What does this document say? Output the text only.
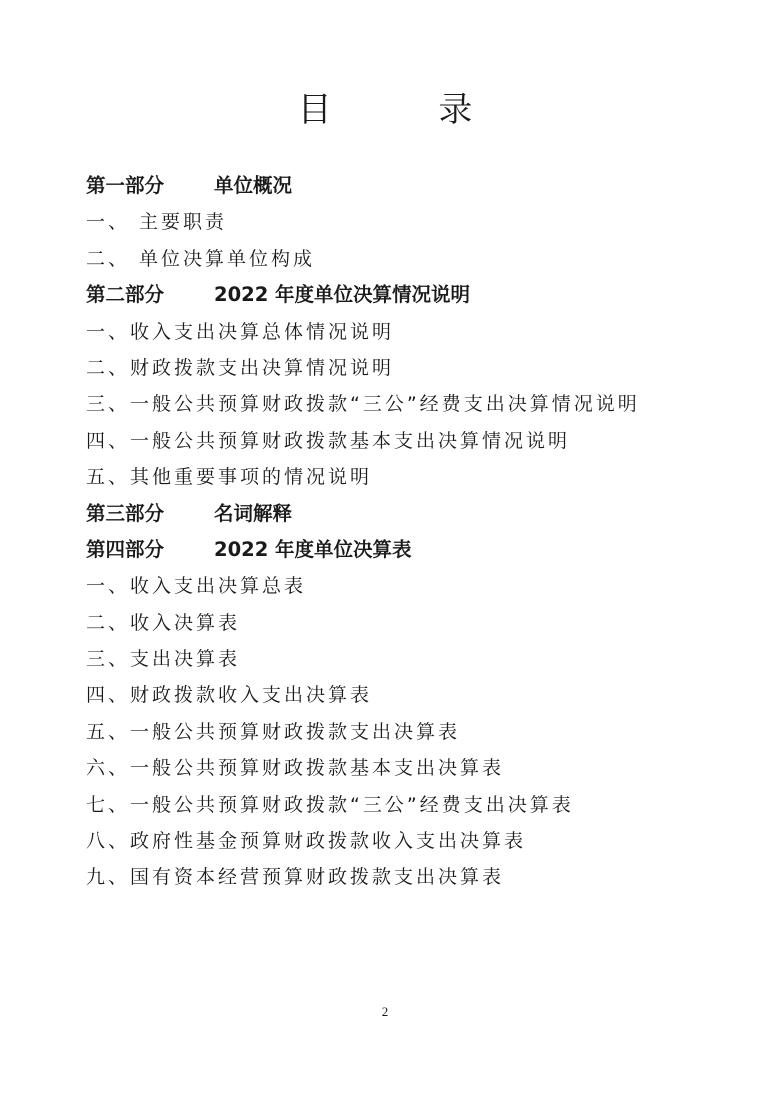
目 录
第一部分	单位概况
一、 主要职责
二、 单位决算单位构成
第二部分	2022 年度单位决算情况说明
一、收入支出决算总体情况说明
二、财政拨款支出决算情况说明
三、一般公共预算财政拨款“三公”经费支出决算情况说明
四、一般公共预算财政拨款基本支出决算情况说明
五、其他重要事项的情况说明
第三部分	名词解释
第四部分	2022 年度单位决算表
一、收入支出决算总表
二、收入决算表
三、支出决算表
四、财政拨款收入支出决算表
五、一般公共预算财政拨款支出决算表
六、一般公共预算财政拨款基本支出决算表
七、一般公共预算财政拨款“三公”经费支出决算表
八、政府性基金预算财政拨款收入支出决算表
九、国有资本经营预算财政拨款支出决算表
2
